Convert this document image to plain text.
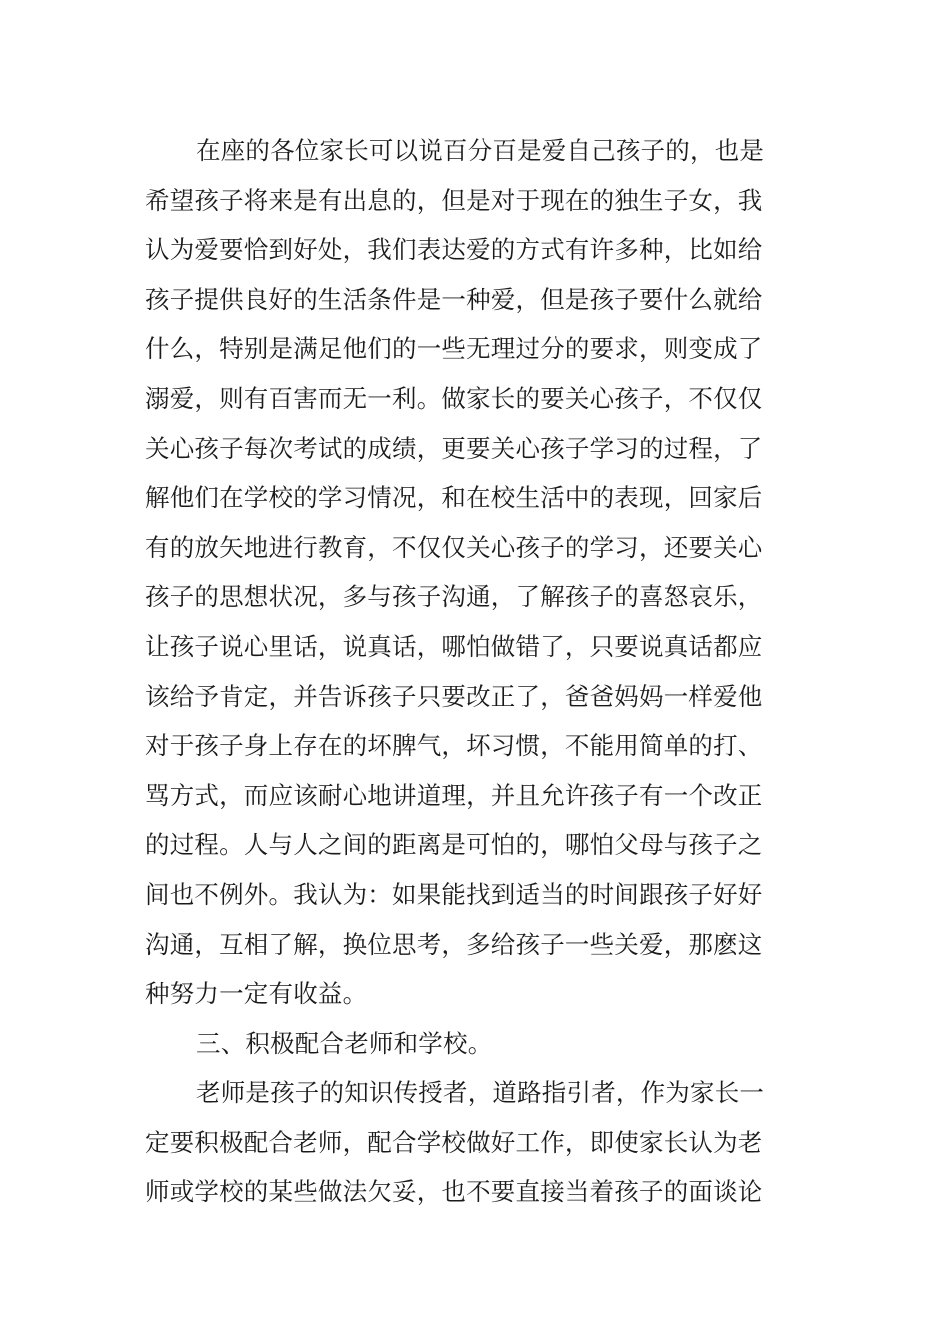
在座的各位家长可以说百分百是爱自己孩子的，也是
希望孩子将来是有出息的，但是对于现在的独生子女，我
认为爱要恰到好处，我们表达爱的方式有许多种，比如给
孩子提供良好的生活条件是一种爱，但是孩子要什么就给
什么，特别是满足他们的一些无理过分的要求，则变成了
溺爱，则有百害而无一利。做家长的要关心孩子，不仅仅
关心孩子每次考试的成绩，更要关心孩子学习的过程，了
解他们在学校的学习情况，和在校生活中的表现，回家后
有的放矢地进行教育，不仅仅关心孩子的学习，还要关心
孩子的思想状况，多与孩子沟通，了解孩子的喜怒哀乐，
让孩子说心里话，说真话，哪怕做错了，只要说真话都应
该给予肯定，并告诉孩子只要改正了，爸爸妈妈一样爱他
对于孩子身上存在的坏脾气，坏习惯，不能用简单的打、
骂方式，而应该耐心地讲道理，并且允许孩子有一个改正
的过程。人与人之间的距离是可怕的，哪怕父母与孩子之
间也不例外。我认为：如果能找到适当的时间跟孩子好好
沟通，互相了解，换位思考，多给孩子一些关爱，那麽这
种努力一定有收益。
三、积极配合老师和学校。
老师是孩子的知识传授者，道路指引者，作为家长一
定要积极配合老师，配合学校做好工作，即使家长认为老
师或学校的某些做法欠妥，也不要直接当着孩子的面谈论
